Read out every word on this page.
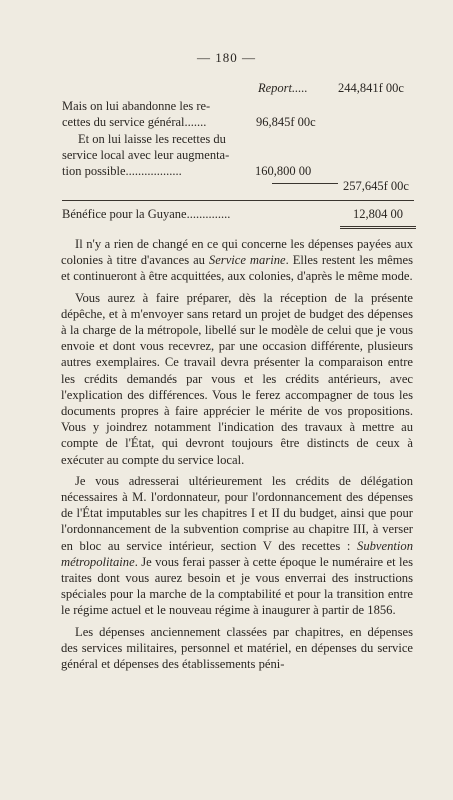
— 180 —
Report..... 244,841f 00c
Mais on lui abandonne les re-
cettes du service général.......	96,845f 00c
Et on lui laisse les recettes du
service local avec leur augmenta-
tion possible..................	160,800 00
257,645f 00c
Bénéfice pour la Guyane..............	12,804 00

Il n'y a rien de changé en ce qui concerne les dépenses payées aux colonies à titre d'avances au Service marine. Elles restent les mêmes et continueront à être acquittées, aux colonies, d'après le même mode.

Vous aurez à faire préparer, dès la réception de la présente dépêche, et à m'envoyer sans retard un projet de budget des dépenses à la charge de la métropole, libellé sur le modèle de celui que je vous envoie et dont vous recevrez, par une occasion différente, plusieurs autres exemplaires. Ce travail devra présenter la comparaison entre les crédits demandés par vous et les crédits antérieurs, avec l'explication des différences. Vous le ferez accompagner de tous les documents propres à faire apprécier le mérite de vos propositions. Vous y joindrez notamment l'indication des travaux à mettre au compte de l'État, qui devront toujours être distincts de ceux à exécuter au compte du service local.

Je vous adresserai ultérieurement les crédits de délégation nécessaires à M. l'ordonnateur, pour l'ordonnancement des dépenses de l'État imputables sur les chapitres I et II du budget, ainsi que pour l'ordonnancement de la subvention comprise au chapitre III, à verser en bloc au service intérieur, section V des recettes : Subvention métropolitaine. Je vous ferai passer à cette époque le numéraire et les traites dont vous aurez besoin et je vous enverrai des instructions spéciales pour la marche de la comptabilité et pour la transition entre le régime actuel et le nouveau régime à inaugurer à partir de 1856.

Les dépenses anciennement classées par chapitres, en dépenses des services militaires, personnel et matériel, en dépenses du service général et dépenses des établissements péni-
